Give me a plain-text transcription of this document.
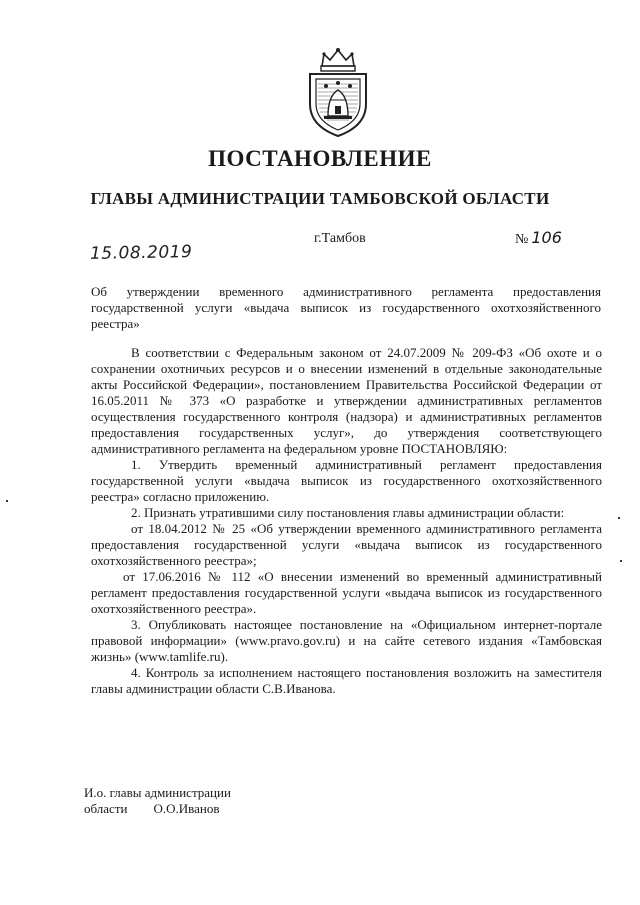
ПОСТАНОВЛЕНИЕ
ГЛАВЫ АДМИНИСТРАЦИИ ТАМБОВСКОЙ ОБЛАСТИ
15.08.2019
г.Тамбов	№ 106
Об утверждении временного административного регламента предоставления государственной услуги «выдача выписок из государственного охотхозяйственного реестра»

В соответствии с Федеральным законом от 24.07.2009 № 209-ФЗ «Об охоте и о сохранении охотничьих ресурсов и о внесении изменений в отдельные законодательные акты Российской Федерации», постановлением Правительства Российской Федерации от 16.05.2011 № 373 «О разработке и утверждении административных регламентов осуществления государственного контроля (надзора) и административных регламентов предоставления государственных услуг», до утверждения соответствующего административного регламента на федеральном уровне ПОСТАНОВЛЯЮ:

1. Утвердить временный административный регламент предоставления государственной услуги «выдача выписок из государственного охотхозяйственного реестра» согласно приложению.

2. Признать утратившими силу постановления главы администрации области:

от 18.04.2012 № 25 «Об утверждении временного административного регламента предоставления государственной услуги «выдача выписок из государственного охотхозяйственного реестра»;

от 17.06.2016 № 112 «О внесении изменений во временный административный регламент предоставления государственной услуги «выдача выписок из государственного охотхозяйственного реестра».

3. Опубликовать настоящее постановление на «Официальном интернет-портале правовой информации» (www.pravo.gov.ru) и на сайте сетевого издания «Тамбовская жизнь» (www.tamlife.ru).

4. Контроль за исполнением настоящего постановления возложить на заместителя главы администрации области С.В.Иванова.

И.о. главы администрации
области О.О.Иванов
